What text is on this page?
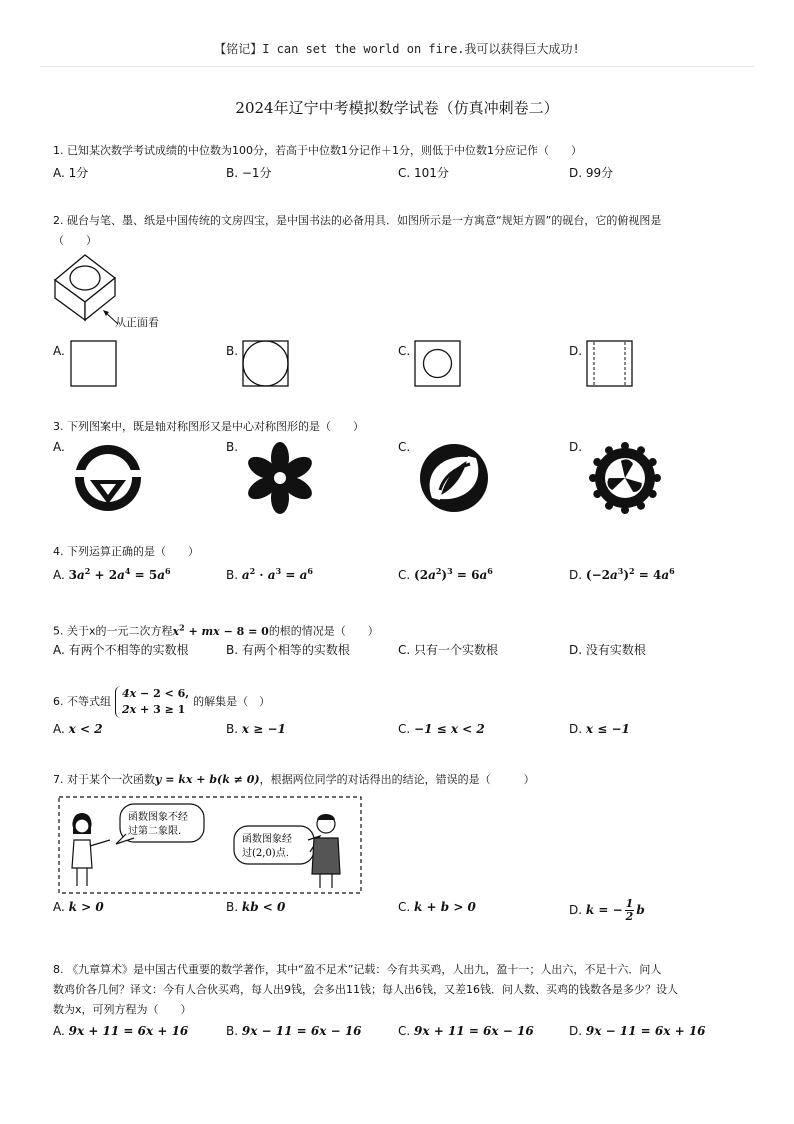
【铭记】I can set the world on fire.我可以获得巨大成功!
2024年辽宁中考模拟数学试卷（仿真冲刺卷二）
1. 已知某次数学考试成绩的中位数为100分，若高于中位数1分记作＋1分，则低于中位数1分应记作（　　）
A. 1分	B. −1分	C. 101分	D. 99分
2. 砚台与笔、墨、纸是中国传统的文房四宝，是中国书法的必备用具．如图所示是一方寓意“规矩方圆”的砚台，它的俯视图是
（　　）
从正面看
A.	B.	C.	D.
3. 下列图案中，既是轴对称图形又是中心对称图形的是（　　）
A.	B.	C.	D.
4. 下列运算正确的是（　　）
A. $3a^2 + 2a^4 = 5a^6$	B. $a^2 \cdot a^3 = a^6$	C. $(2a^2)^3 = 6a^6$	D. $(-2a^3)^2 = 4a^6$
5. 关于x的一元二次方程$x^2$ + mx − 8 = 0的根的情况是（　　）
A. 有两个不相等的实数根	B. 有两个相等的实数根	C. 只有一个实数根	D. 没有实数根
6. 不等式组
4x − 2 < 6,
2x + 3 ≥ 1
的解集是（　）
A. x < 2	B. x ≥ −1	C. −1 ≤ x < 2	D. x ≤ −1
7. 对于某个一次函数y = kx + b(k ≠ 0)，根据两位同学的对话得出的结论，错误的是（　　　）
函数图象不经
过第二象限.
函数图象经
过(2,0)点.
A. k > 0	B. kb < 0	C. k + b > 0	D. k = − $\frac{1}{2}$ b
8. 《九章算术》是中国古代重要的数学著作，其中“盈不足术”记载：今有共买鸡，人出九，盈十一；人出六，不足十六．问人
数鸡价各几何？译文：今有人合伙买鸡，每人出9钱，会多出11钱；每人出6钱，又差16钱．问人数、买鸡的钱数各是多少？设人
数为x，可列方程为（　　）
A. 9x + 11 = 6x + 16	B. 9x − 11 = 6x − 16	C. 9x + 11 = 6x − 16	D. 9x − 11 = 6x + 16
